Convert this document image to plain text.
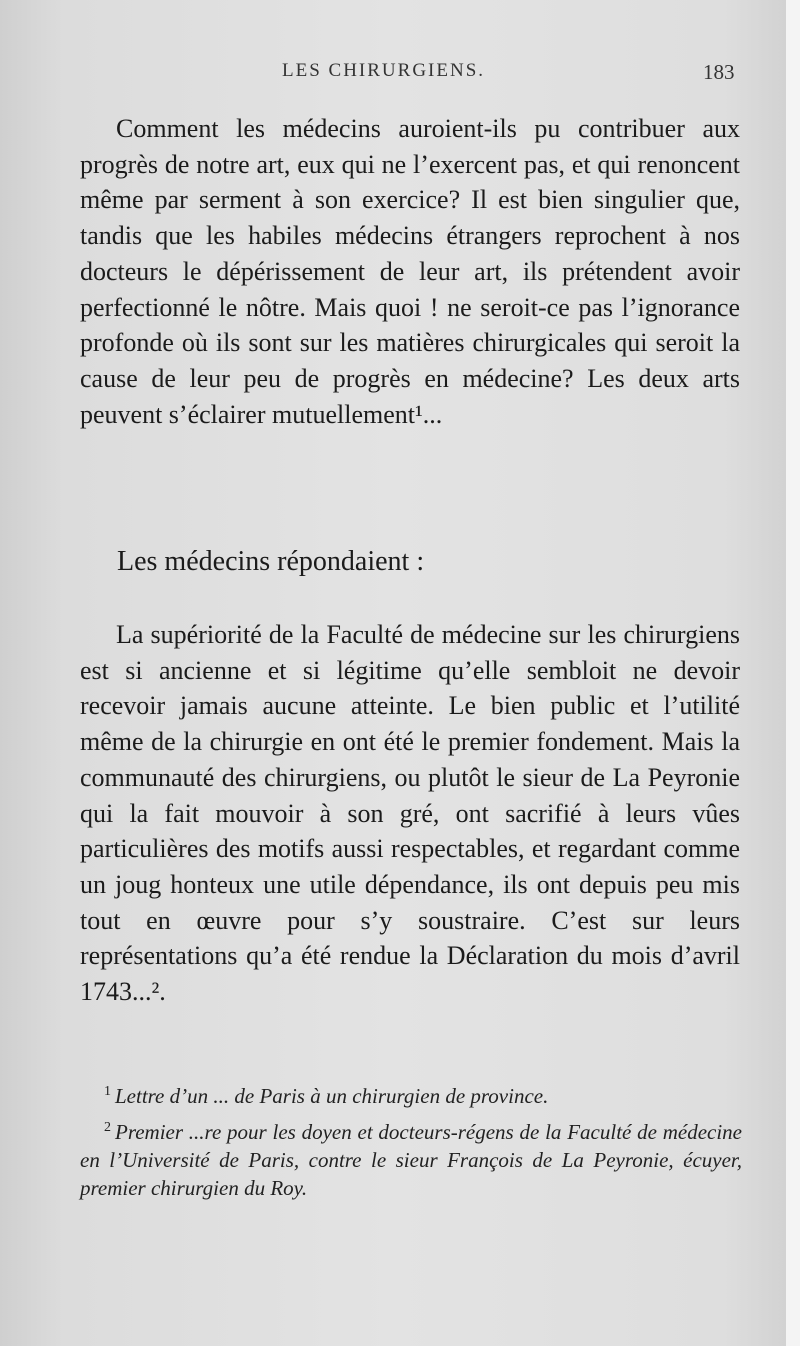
LES CHIRURGIENS.	183

Comment les médecins auroient-ils pu contribuer aux progrès de notre art, eux qui ne l’exercent pas, et qui renoncent même par serment à son exercice? Il est bien singulier que, tandis que les habiles médecins étrangers reprochent à nos docteurs le dépérissement de leur art, ils prétendent avoir perfectionné le nôtre. Mais quoi ! ne seroit-ce pas l’ignorance profonde où ils sont sur les matières chirurgicales qui seroit la cause de leur peu de progrès en médecine? Les deux arts peuvent s’éclairer mutuellement¹...

Les médecins répondaient :

La supériorité de la Faculté de médecine sur les chirurgiens est si ancienne et si légitime qu’elle sembloit ne devoir recevoir jamais aucune atteinte. Le bien public et l’utilité même de la chirurgie en ont été le premier fondement. Mais la communauté des chirurgiens, ou plutôt le sieur de La Peyronie qui la fait mouvoir à son gré, ont sacrifié à leurs vûes particulières des motifs aussi respectables, et regardant comme un joug honteux une utile dépendance, ils ont depuis peu mis tout en œuvre pour s’y soustraire. C’est sur leurs représentations qu’a été rendue la Déclaration du mois d’avril 1743...².

$^1$ Lettre d’un ... de Paris à un chirurgien de province.

$^2$ Premier ...re pour les doyen et docteurs-régens de la Faculté de médecine en l’Université de Paris, contre le sieur François de La Peyronie, écuyer, premier chirurgien du Roy.
